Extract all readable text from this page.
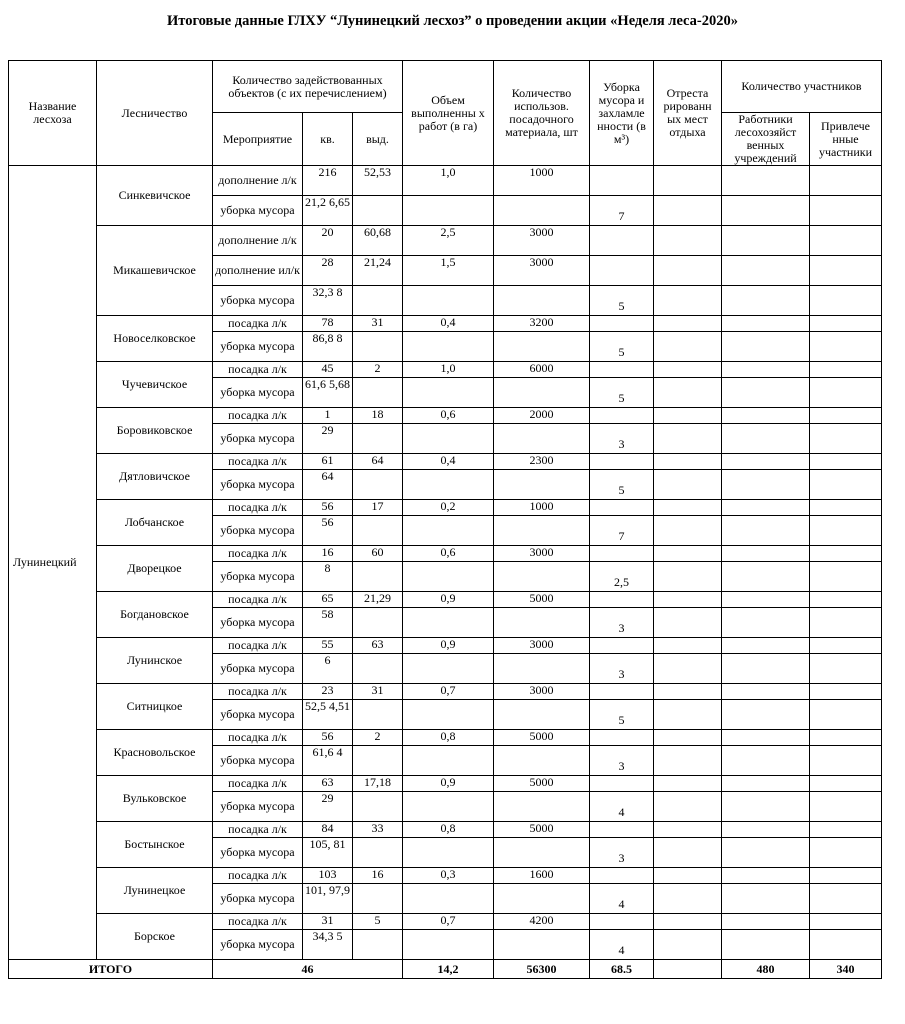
Итоговые данные ГЛХУ “Лунинецкий лесхоз” о проведении акции «Неделя леса-2020»
Название лесхоза	Лесничество	Количество задействованных объектов (с их перечислением)			Объем выполненны х работ (в га)	Количество использов. посадочного материала, шт	Уборка мусора и захламле нности (в м³)	Отреста рированн ых мест отдыха	Количество участников	
		Мероприятие	кв.	выд.					Работники лесохозяйст венных учреждений	Привлече нные участники
Лунинецкий	Синкевичское	дополнение л/к	216	52,53	1,0	1000				
		уборка мусора	21,2 6,65				7			
	Микашевичское	дополнение л/к	20	60,68	2,5	3000				
		дополнение ил/к	28	21,24	1,5	3000				
		уборка мусора	32,3 8				5			
	Новоселковское	посадка л/к	78	31	0,4	3200				
		уборка мусора	86,8 8				5			
	Чучевичское	посадка л/к	45	2	1,0	6000				
		уборка мусора	61,6 5,68				5			
	Боровиковское	посадка л/к	1	18	0,6	2000				
		уборка мусора	29				3			
	Дятловичское	посадка л/к	61	64	0,4	2300				
		уборка мусора	64				5			
	Лобчанское	посадка л/к	56	17	0,2	1000				
		уборка мусора	56				7			
	Дворецкое	посадка л/к	16	60	0,6	3000				
		уборка мусора	8				2,5			
	Богдановское	посадка л/к	65	21,29	0,9	5000				
		уборка мусора	58				3			
	Лунинское	посадка л/к	55	63	0,9	3000				
		уборка мусора	6				3			
	Ситницкое	посадка л/к	23	31	0,7	3000				
		уборка мусора	52,5 4,51				5			
	Красновольское	посадка л/к	56	2	0,8	5000				
		уборка мусора	61,6 4				3			
	Вульковское	посадка л/к	63	17,18	0,9	5000				
		уборка мусора	29				4			
	Бостынское	посадка л/к	84	33	0,8	5000				
		уборка мусора	105, 81				3			
	Лунинецкое	посадка л/к	103	16	0,3	1600				
		уборка мусора	101, 97,9				4			
	Борское	посадка л/к	31	5	0,7	4200				
		уборка мусора	34,3 5				4			
ИТОГО		46			14,2	56300	68.5		480	340
